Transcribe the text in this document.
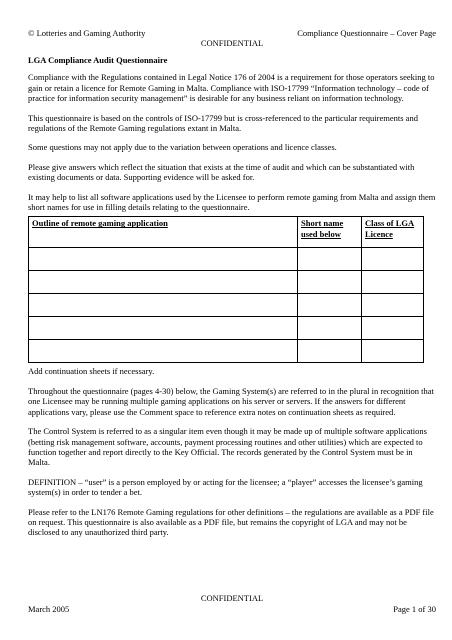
© Lotteries and Gaming Authority	Compliance Questionnaire – Cover Page
CONFIDENTIAL
LGA Compliance Audit Questionnaire

Compliance with the Regulations contained in Legal Notice 176 of 2004 is a requirement for those operators seeking to gain or retain a licence for Remote Gaming in Malta. Compliance with ISO-17799 “Information technology – code of practice for information security management” is desirable for any business reliant on information technology.

This questionnaire is based on the controls of ISO-17799 but is cross-referenced to the particular requirements and regulations of the Remote Gaming regulations extant in Malta.

Some questions may not apply due to the variation between operations and licence classes.

Please give answers which reflect the situation that exists at the time of audit and which can be substantiated with existing documents or data. Supporting evidence will be asked for.

It may help to list all software applications used by the Licensee to perform remote gaming from Malta and assign them short names for use in filling details relating to the questionnaire.

Outline of remote gaming application	Short name used below	Class of LGA Licence

Add continuation sheets if necessary.

Throughout the questionnaire (pages 4-30) below, the Gaming System(s) are referred to in the plural in recognition that one Licensee may be running multiple gaming applications on his server or servers. If the answers for different applications vary, please use the Comment space to reference extra notes on continuation sheets as required.

The Control System is referred to as a singular item even though it may be made up of multiple software applications (betting risk management software, accounts, payment processing routines and other utilities) which are expected to function together and report directly to the Key Official. The records generated by the Control System must be in Malta.

DEFINITION – “user” is a person employed by or acting for the licensee; a “player” accesses the licensee’s gaming system(s) in order to tender a bet.

Please refer to the LN176 Remote Gaming regulations for other definitions – the regulations are available as a PDF file on request. This questionnaire is also available as a PDF file, but remains the copyright of LGA and may not be disclosed to any unauthorized third party.

CONFIDENTIAL
March 2005	Page 1 of 30
